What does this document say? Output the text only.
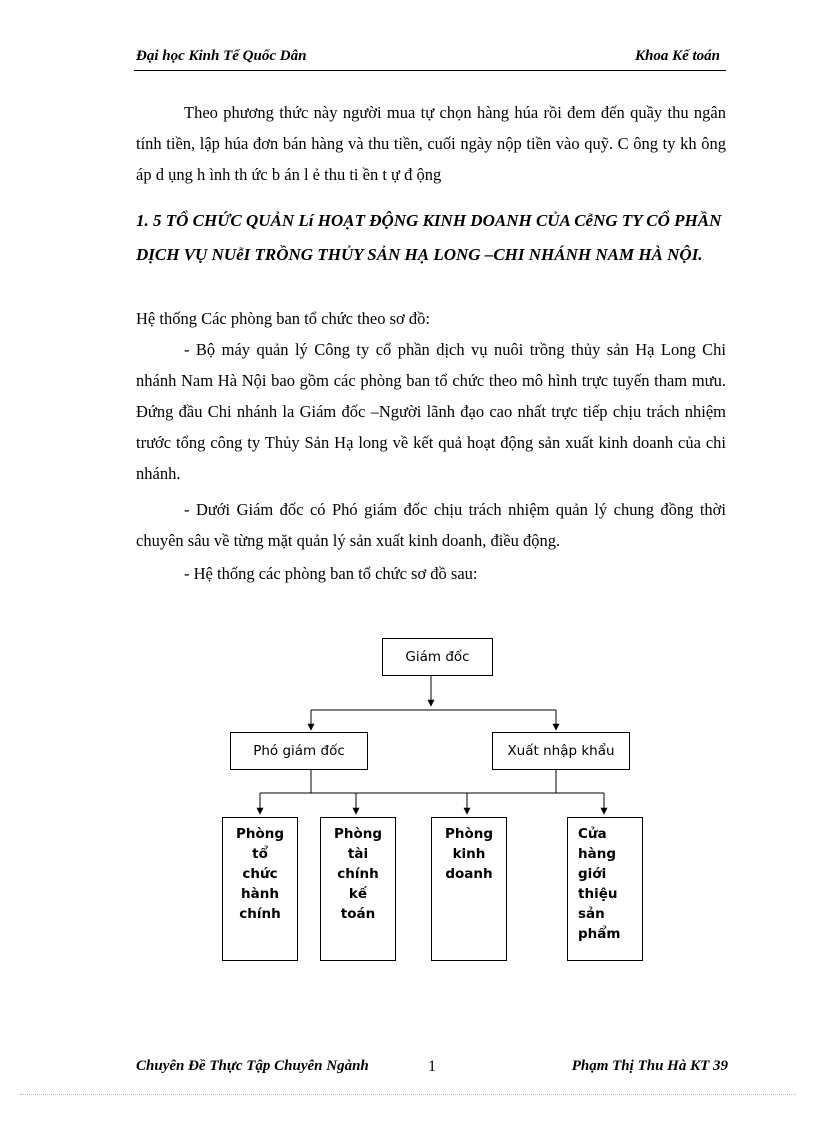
Đại học Kinh Tế Quốc Dân	Khoa Kế toán
Theo phương thức này người mua tự chọn hàng húa rồi đem đến quầy thu ngân tính tiền, lập húa đơn bán hàng và thu tiền, cuối ngày nộp tiền vào quỹ. C ông ty kh ông áp d ụng h ình th ức b án l ẻ thu ti ền t ự đ ộng
1. 5 TỔ CHỨC QUẢN Lí HOẠT ĐỘNG KINH DOANH CỦA CễNG TY CỔ PHẦN DỊCH VỤ NUễI TRỒNG THỦY SẢN HẠ LONG –CHI NHÁNH NAM HÀ NỘI.
Hệ thống Các phòng ban tổ chức theo sơ đồ:
- Bộ máy quản lý Công ty cổ phần dịch vụ nuôi trồng thủy sản Hạ Long Chi nhánh Nam Hà Nội bao gồm các phòng ban tổ chức theo mô hình trực tuyến tham mưu. Đứng đầu Chi nhánh la Giám đốc –Người lãnh đạo cao nhất trực tiếp chịu trách nhiệm trước tổng công ty Thủy Sản Hạ long về kết quả hoạt động sản xuất kinh doanh của chi nhánh.
- Dưới Giám đốc có Phó giám đốc chịu trách nhiệm quản lý chung đồng thời chuyên sâu về từng mặt quản lý sản xuất kinh doanh, điều động.
- Hệ thống các phòng ban tổ chức sơ đồ sau:
Giám đốc
Phó giám đốc	Xuất nhập khẩu
Phòng
tổ
chức
hành
chính
Phòng
tài
chính
kế
toán
Phòng
kinh
doanh
Cửa
hàng
giới
thiệu
sản
phẩm
Chuyên Đề Thực Tập Chuyên Ngành	1	Phạm Thị Thu Hà KT 39
